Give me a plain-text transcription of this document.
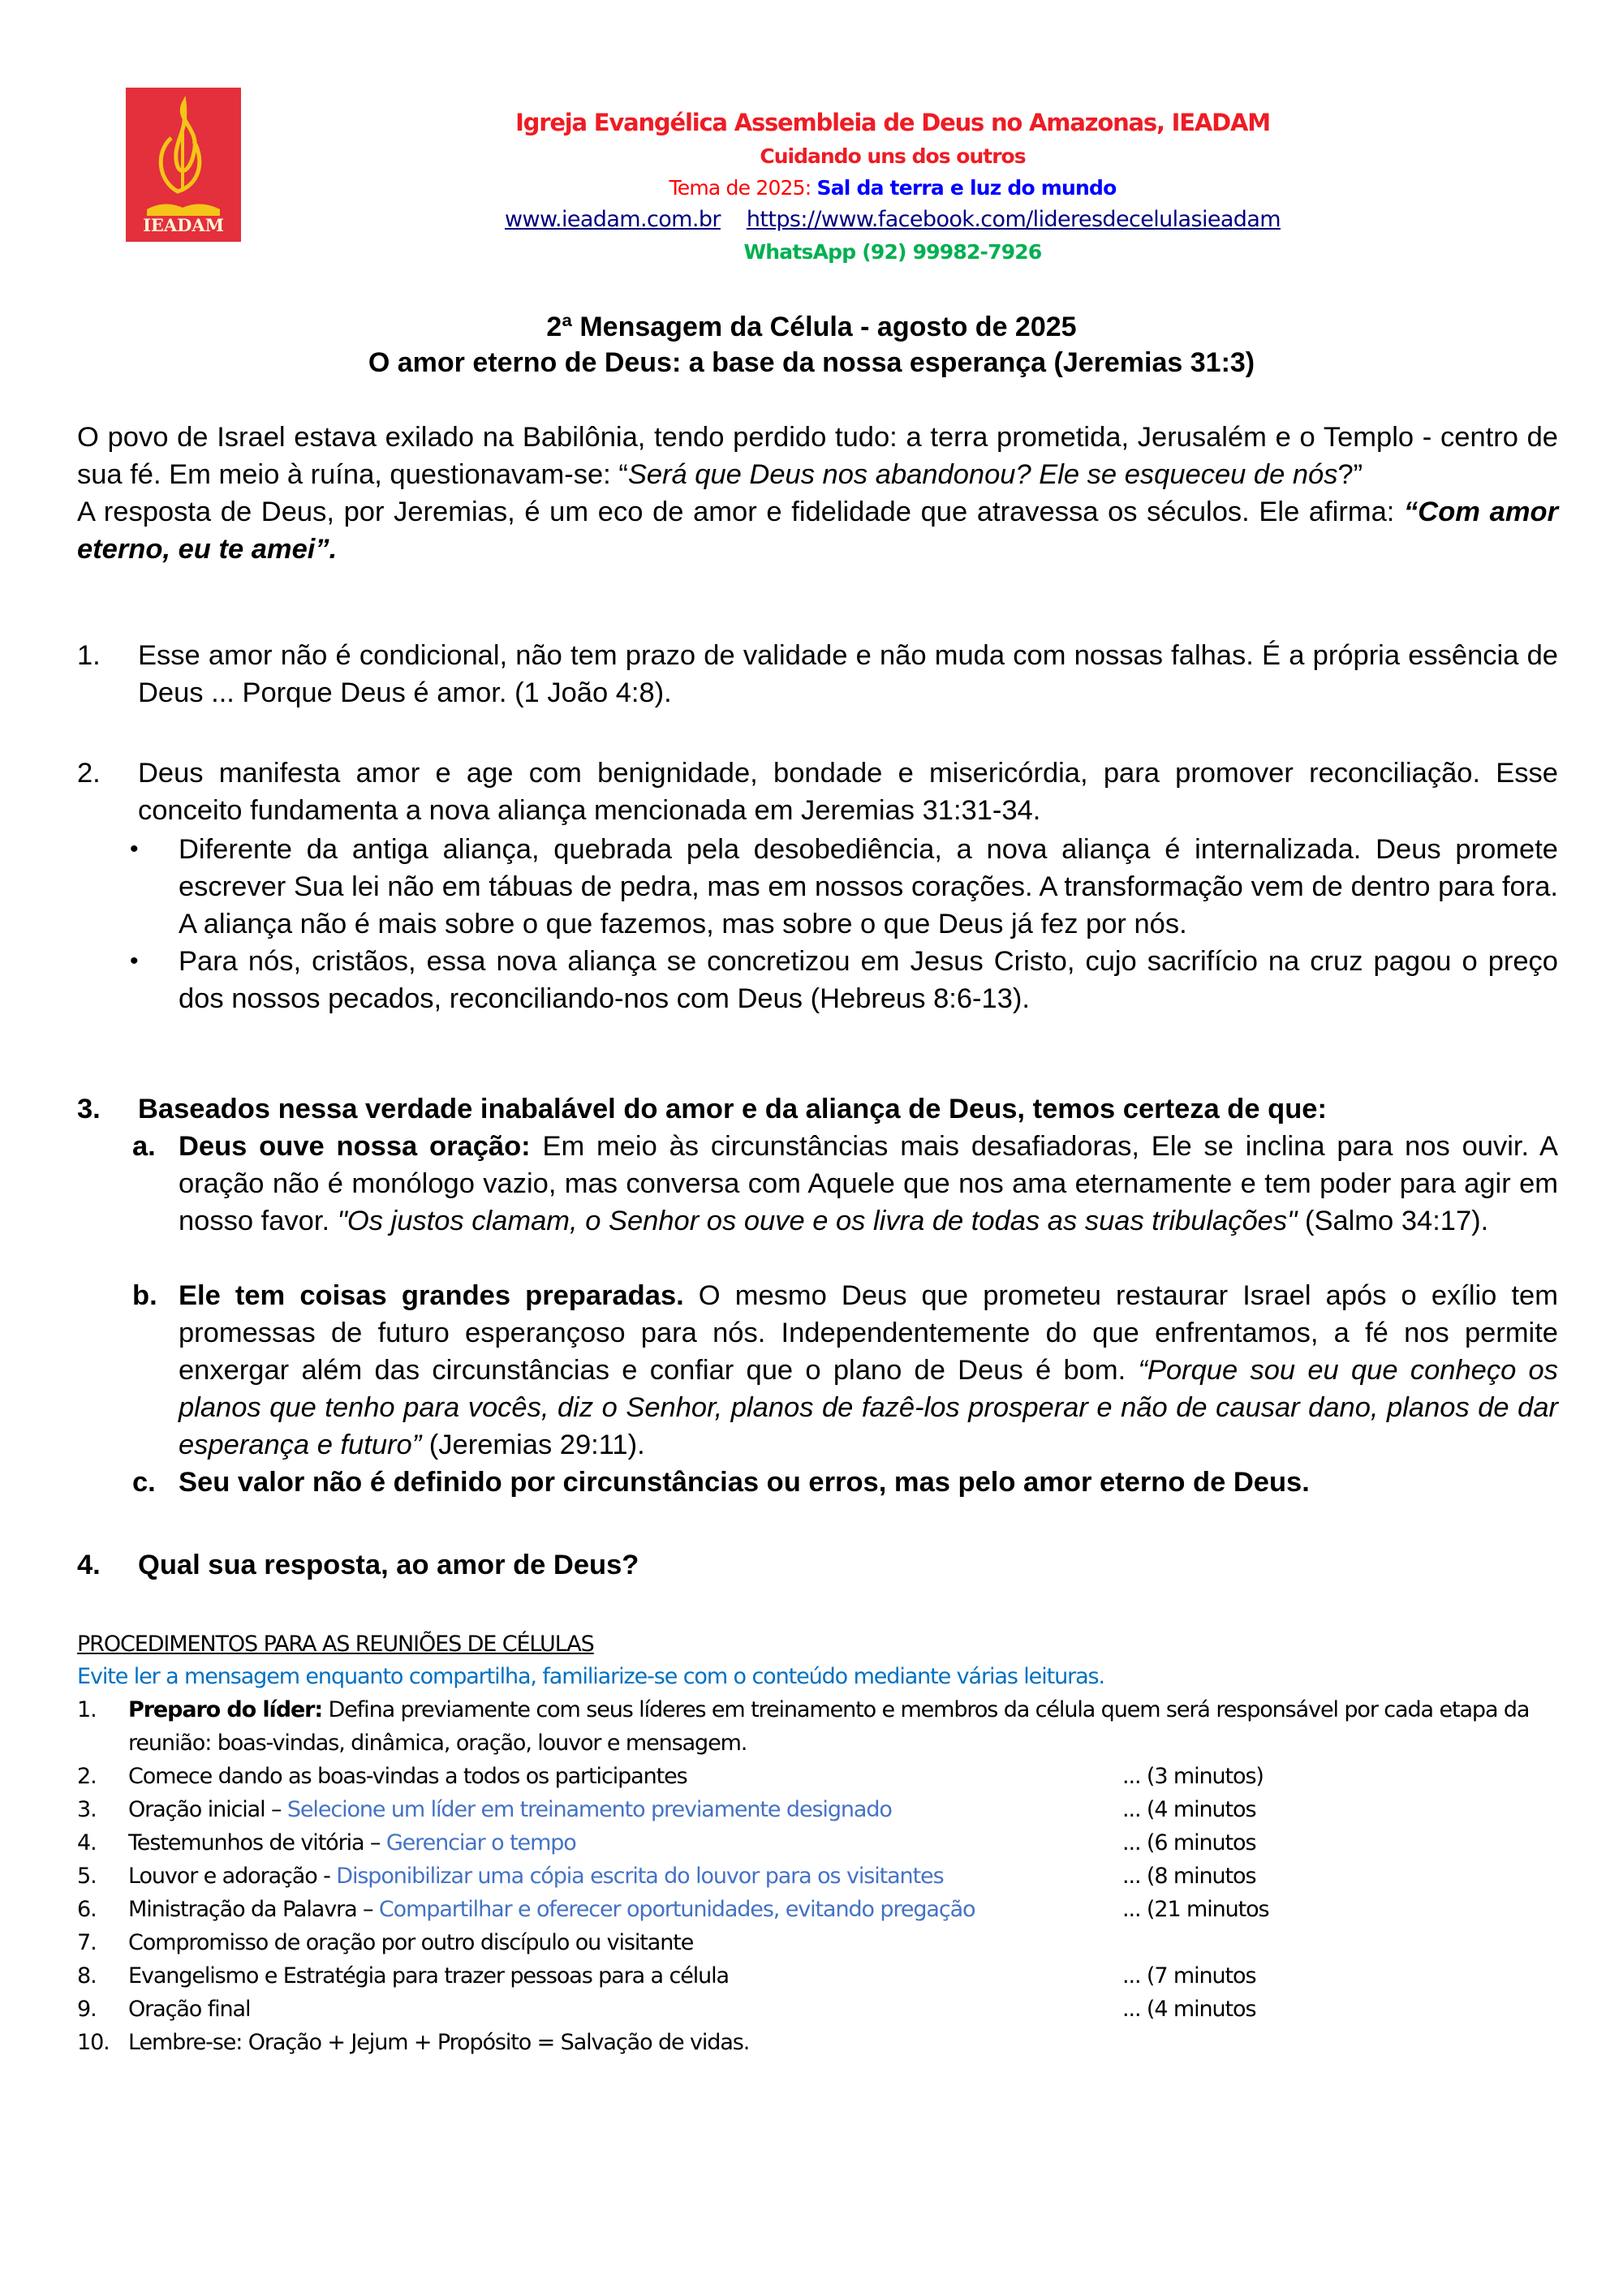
IEADAM
Igreja Evangélica Assembleia de Deus no Amazonas, IEADAM
Cuidando uns dos outros
Tema de 2025: Sal da terra e luz do mundo
www.ieadam.com.br https://www.facebook.com/lideresdecelulasieadam
WhatsApp (92) 99982-7926
2ª Mensagem da Célula - agosto de 2025
O amor eterno de Deus: a base da nossa esperança (Jeremias 31:3)

O povo de Israel estava exilado na Babilônia, tendo perdido tudo: a terra prometida, Jerusalém e o Templo - centro de sua fé. Em meio à ruína, questionavam-se: “Será que Deus nos abandonou? Ele se esqueceu de nós?”

A resposta de Deus, por Jeremias, é um eco de amor e fidelidade que atravessa os séculos. Ele afirma: “Com amor eterno, eu te amei”.

1. Esse amor não é condicional, não tem prazo de validade e não muda com nossas falhas. É a própria essência de Deus ... Porque Deus é amor. (1 João 4:8).
2. Deus manifesta amor e age com benignidade, bondade e misericórdia, para promover reconciliação. Esse conceito fundamenta a nova aliança mencionada em Jeremias 31:31-34.
• Diferente da antiga aliança, quebrada pela desobediência, a nova aliança é internalizada. Deus promete escrever Sua lei não em tábuas de pedra, mas em nossos corações. A transformação vem de dentro para fora. A aliança não é mais sobre o que fazemos, mas sobre o que Deus já fez por nós.
• Para nós, cristãos, essa nova aliança se concretizou em Jesus Cristo, cujo sacrifício na cruz pagou o preço dos nossos pecados, reconciliando-nos com Deus (Hebreus 8:6-13).
3. Baseados nessa verdade inabalável do amor e da aliança de Deus, temos certeza de que:
a. Deus ouve nossa oração: Em meio às circunstâncias mais desafiadoras, Ele se inclina para nos ouvir. A oração não é monólogo vazio, mas conversa com Aquele que nos ama eternamente e tem poder para agir em nosso favor. "Os justos clamam, o Senhor os ouve e os livra de todas as suas tribulações" (Salmo 34:17).
b. Ele tem coisas grandes preparadas. O mesmo Deus que prometeu restaurar Israel após o exílio tem promessas de futuro esperançoso para nós. Independentemente do que enfrentamos, a fé nos permite enxergar além das circunstâncias e confiar que o plano de Deus é bom. “Porque sou eu que conheço os planos que tenho para vocês, diz o Senhor, planos de fazê-los prosperar e não de causar dano, planos de dar esperança e futuro” (Jeremias 29:11).
c. Seu valor não é definido por circunstâncias ou erros, mas pelo amor eterno de Deus.
4. Qual sua resposta, ao amor de Deus?
PROCEDIMENTOS PARA AS REUNIÕES DE CÉLULAS
Evite ler a mensagem enquanto compartilha, familiarize-se com o conteúdo mediante várias leituras.
1. Preparo do líder: Defina previamente com seus líderes em treinamento e membros da célula quem será responsável por cada etapa da reunião: boas-vindas, dinâmica, oração, louvor e mensagem.
2. Comece dando as boas-vindas a todos os participantes	... (3 minutos)
3. Oração inicial – Selecione um líder em treinamento previamente designado	... (4 minutos
4. Testemunhos de vitória – Gerenciar o tempo	... (6 minutos
5. Louvor e adoração - Disponibilizar uma cópia escrita do louvor para os visitantes	... (8 minutos
6. Ministração da Palavra – Compartilhar e oferecer oportunidades, evitando pregação	... (21 minutos
7. Compromisso de oração por outro discípulo ou visitante
8. Evangelismo e Estratégia para trazer pessoas para a célula	... (7 minutos
9. Oração final	... (4 minutos
10. Lembre-se: Oração + Jejum + Propósito = Salvação de vidas.
